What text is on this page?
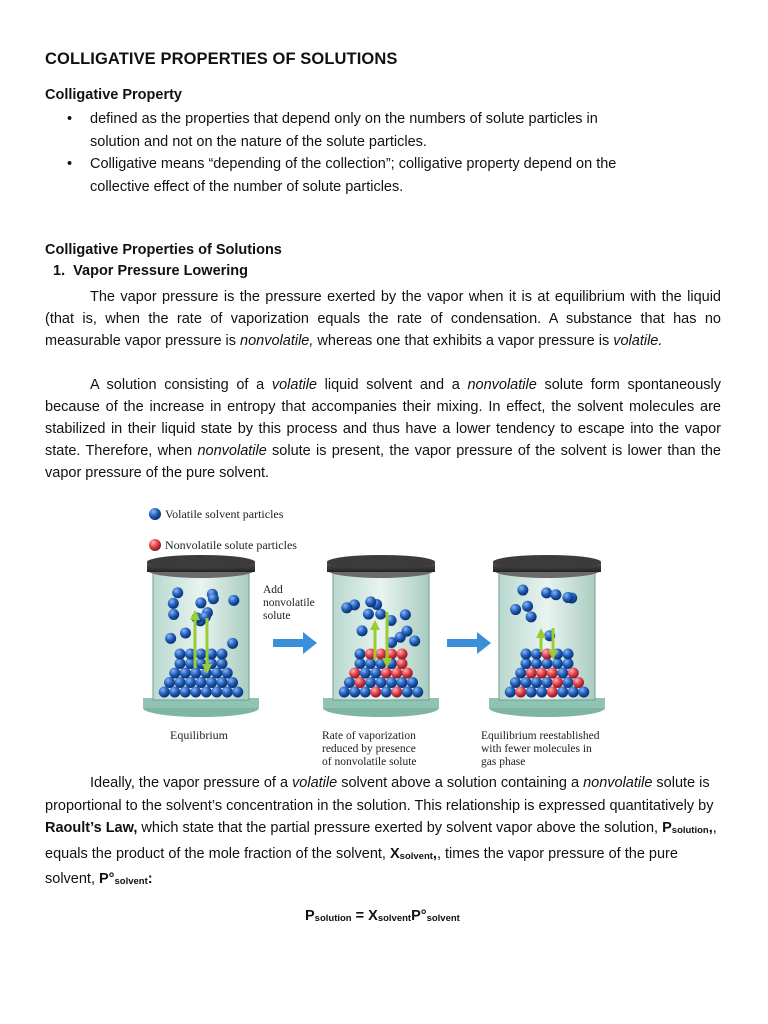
COLLIGATIVE PROPERTIES OF SOLUTIONS
Colligative Property
• defined as the properties that depend only on the numbers of solute particles in
solution and not on the nature of the solute particles.
• Colligative means “depending of the collection”; colligative property depend on the
collective effect of the number of solute particles.
Colligative Properties of Solutions
1. Vapor Pressure Lowering

The vapor pressure is the pressure exerted by the vapor when it is at equilibrium with the liquid (that is, when the rate of vaporization equals the rate of condensation. A substance that has no measurable vapor pressure is nonvolatile, whereas one that exhibits a vapor pressure is volatile.

A solution consisting of a volatile liquid solvent and a nonvolatile solute form spontaneously because of the increase in entropy that accompanies their mixing. In effect, the solvent molecules are stabilized in their liquid state by this process and thus have a lower tendency to escape into the vapor state. Therefore, when nonvolatile solute is present, the vapor pressure of the solvent is lower than the vapor pressure of the pure solvent.

Ideally, the vapor pressure of a volatile solvent above a solution containing a nonvolatile solute is proportional to the solvent’s concentration in the solution. This relationship is expressed quantitatively by Raoult’s Law, which state that the partial pressure exerted by solvent vapor above the solution, Psolution,, equals the product of the mole fraction of the solvent, Xsolvent,, times the vapor pressure of the pure solvent, P°solvent:

Psolution = XsolventP°solvent
Volatile solvent particles
Nonvolatile solute particles
Add
nonvolatile
solute
Equilibrium	Rate of vaporization
reduced by presence
of nonvolatile solute
Equilibrium reestablished
with fewer molecules in
gas phase
